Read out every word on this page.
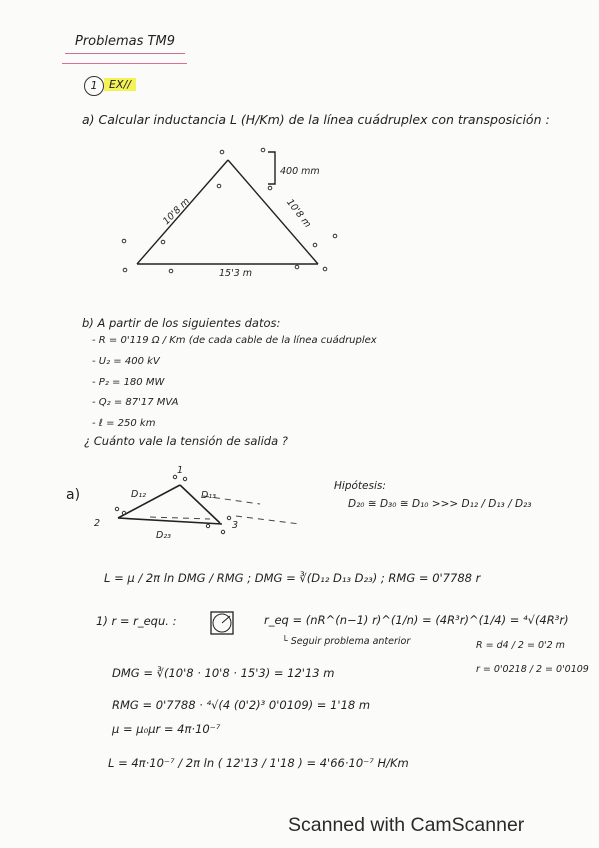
Problemas TM9
1	EX//
a) Calcular inductancia L (H/Km) de la línea cuádruplex con transposición :
400 mm
10'8 m	10'8 m
15'3 m
b) A partir de los siguientes datos:
- R = 0'119 Ω / Km (de cada cable de la línea cuádruplex
- U₂ = 400 kV
- P₂ = 180 MW
- Q₂ = 87'17 MVA
- ℓ = 250 km
¿ Cuánto vale la tensión de salida ?
a)	D₁₂	D₁₃
D₂₃
1
2	3
Hipótesis:
D₂₀ ≅ D₃₀ ≅ D₁₀ >>> D₁₂ / D₁₃ / D₂₃
L = μ / 2π ln DMG / RMG ; DMG = ∛(D₁₂ D₁₃ D₂₃) ; RMG = 0'7788 r
1) r = r_equ. :	r_eq = (nR^(n−1) r)^(1/n) = (4R³r)^(1/4) = ⁴√(4R³r)
└ Seguir problema anterior	R = d4 / 2 = 0'2 m
r = 0'0218 / 2 = 0'0109
DMG = ∛(10'8 · 10'8 · 15'3) = 12'13 m
RMG = 0'7788 · ⁴√(4 (0'2)³ 0'0109) = 1'18 m
μ = μ₀μr = 4π·10⁻⁷
L = 4π·10⁻⁷ / 2π ln ( 12'13 / 1'18 ) = 4'66·10⁻⁷ H/Km
Scanned with CamScanner
